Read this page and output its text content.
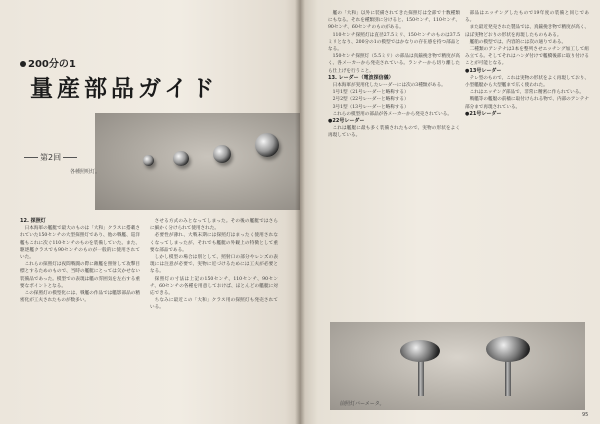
200分の1
量産部品ガイド
第2回
各種照明灯。
12. 探照灯

日本海軍の艦艇で最大のものは「大和」クラスに搭載されていた150センチの大型探照灯であり、他の戦艦、巡洋艦もこれに次ぐ110センチのものを装備していた。また、駆逐艦クラスでも90センチのものが一般的に使用されていた。

これらの探照灯は夜間戦闘の際に敵艦を照射して攻撃目標とするためのもので、当時の艦艇にとっては欠かせない装備品であった。模型での表現は艦の雰囲気を左右する重要なポイントとなる。

この探照灯の模型化には、戦艦の作品では艦影部品の精密化が工夫されたものが数多い。

させる方式のみとなってしまった。その後の艦艇ではさらに細かく分けられて使用された。

必要性が薄れ、大戦末期には探照灯はまったく使用されなくなってしまったが、それでも艦艇の外観上の特徴として重要な部品である。

しかし模型の場合は別として、照射口の部分やレンズの表現には注意が必要で、実物に近づけるためには工夫が必要となる。

探照灯の寸法は上記の150センチ、110センチ、90センチ、60センチの各種を用意しておけば、ほとんどの艦艇に対応できる。

ちなみに最近この「大和」クラス用の探照灯も発売されている。

艦の「大和」以外に装備されてきた探照灯は全部で十数種類にもなる。それを種類別に分けると、150センチ、110センチ、90センチ、60センチのものがある。

110センチ探照灯は直径27.5ミリ、150センチのものは37.5ミリとなり、200分の1の模型ではかなりの存在感を持つ部品となる。

150センチ探照灯（5.5ミリ）の部品は真鍮挽き物で精度が高く、各メーカーから発売されている。ランナーから切り離したら仕上げを行うこと。

13. レーダー（電波探信儀）

日本海軍が実用化したレーダーには次の3種類がある。

1号1型（21号レーダーと略称する）

2号2型（22号レーダーと略称する）

3号1型（13号レーダーと略称する）

これらの模型用の部品が各メーカーから発売されている。

●22号レーダー

これは艦艇に最も多く装備されたもので、実物の形状をよく再現している。

部品はエッチングしたもので19年度の装備と同じである。

また最近発売された製品では、真鍮挽き物で精度が高く、ほぼ実物どおりの形状を再現したものもある。

艦船の模型では、内容的には次の通りである。

二種類のアンテナは3本を整列させエッチング加工して組み立てる。そしてそれはハンダ付けで艦橋後部に取り付けることが可能となる。

●13号レーダー

テレ型のもので、これは実物の形状をよく再現しており、小型艦艇から大型艦まで広く使われた。

これはエッチング部品で、非常に精密に作られている。

戦艦等の艦艇の前檣に取付けられる物で、内部のアンテナ部分まで再現されている。

●21号レーダー
95
前照灯バーメータ。
